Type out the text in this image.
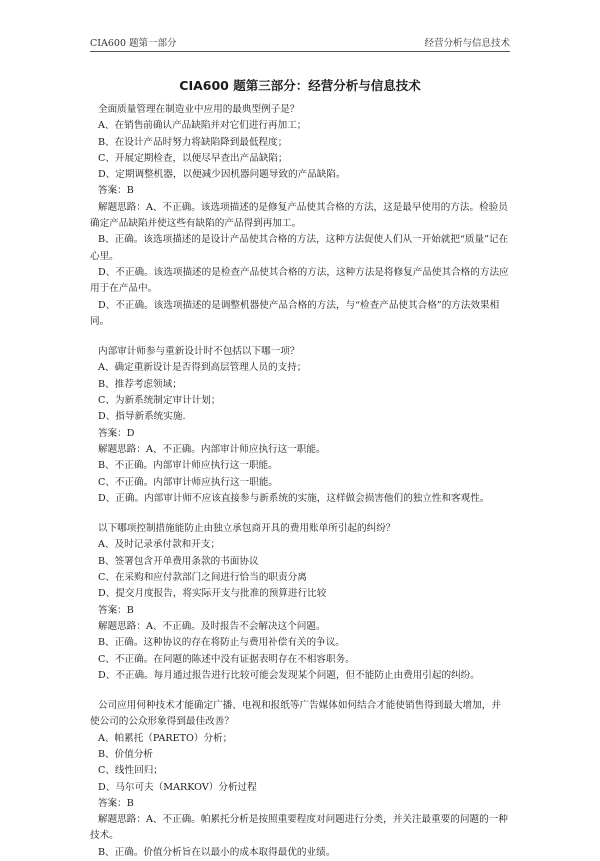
CIA600 题第一部分	经营分析与信息技术
CIA600 题第三部分：经营分析与信息技术

全面质量管理在制造业中应用的最典型例子是？

A、在销售前确认产品缺陷并对它们进行再加工；

B、在设计产品时努力将缺陷降到最低程度；

C、开展定期检查，以便尽早查出产品缺陷；

D、定期调整机器，以便减少因机器问题导致的产品缺陷。

答案：B

解题思路：A、不正确。该选项描述的是修复产品使其合格的方法，这是最早使用的方法。检验员确定产品缺陷并使这些有缺陷的产品得到再加工。

B、正确。该选项描述的是设计产品使其合格的方法，这种方法促使人们从一开始就把“质量”记在心里。

D、不正确。该选项描述的是检查产品使其合格的方法，这种方法是将修复产品使其合格的方法应用于在产品中。

D、不正确。该选项描述的是调整机器使产品合格的方法，与“检查产品使其合格”的方法效果相同。

内部审计师参与重新设计时不包括以下哪一项？

A、确定重新设计是否得到高层管理人员的支持；

B、推荐考虑领域；

C、为新系统制定审计计划；

D、指导新系统实施.

答案：D

解题思路：A、不正确。内部审计师应执行这一职能。

B、不正确。内部审计师应执行这一职能。

C、不正确。内部审计师应执行这一职能。

D、正确。内部审计师不应该直接参与新系统的实施，这样做会损害他们的独立性和客观性。

以下哪项控制措施能防止由独立承包商开具的费用账单所引起的纠纷？

A、及时记录承付款和开支；

B、签署包含开单费用条款的书面协议

C、在采购和应付款部门之间进行恰当的职责分离

D、提交月度报告，将实际开支与批准的预算进行比较

答案：B

解题思路：A、不正确。及时报告不会解决这个问题。

B、正确。这种协议的存在将防止与费用补偿有关的争议。

C、不正确。在问题的陈述中没有证据表明存在不相容职务。

D、不正确。每月通过报告进行比较可能会发现某个问题，但不能防止由费用引起的纠纷。

公司应用何种技术才能确定广播、电视和报纸等广告媒体如何结合才能使销售得到最大增加，并使公司的公众形象得到最佳改善？

A、帕累托（PARETO）分析；

B、价值分析

C、线性回归；

D、马尔可夫（MARKOV）分析过程

答案：B

解题思路：A、不正确。帕累托分析是按照重要程度对问题进行分类，并关注最重要的问题的一种技术。

B、正确。价值分析旨在以最小的成本取得最优的业绩。
